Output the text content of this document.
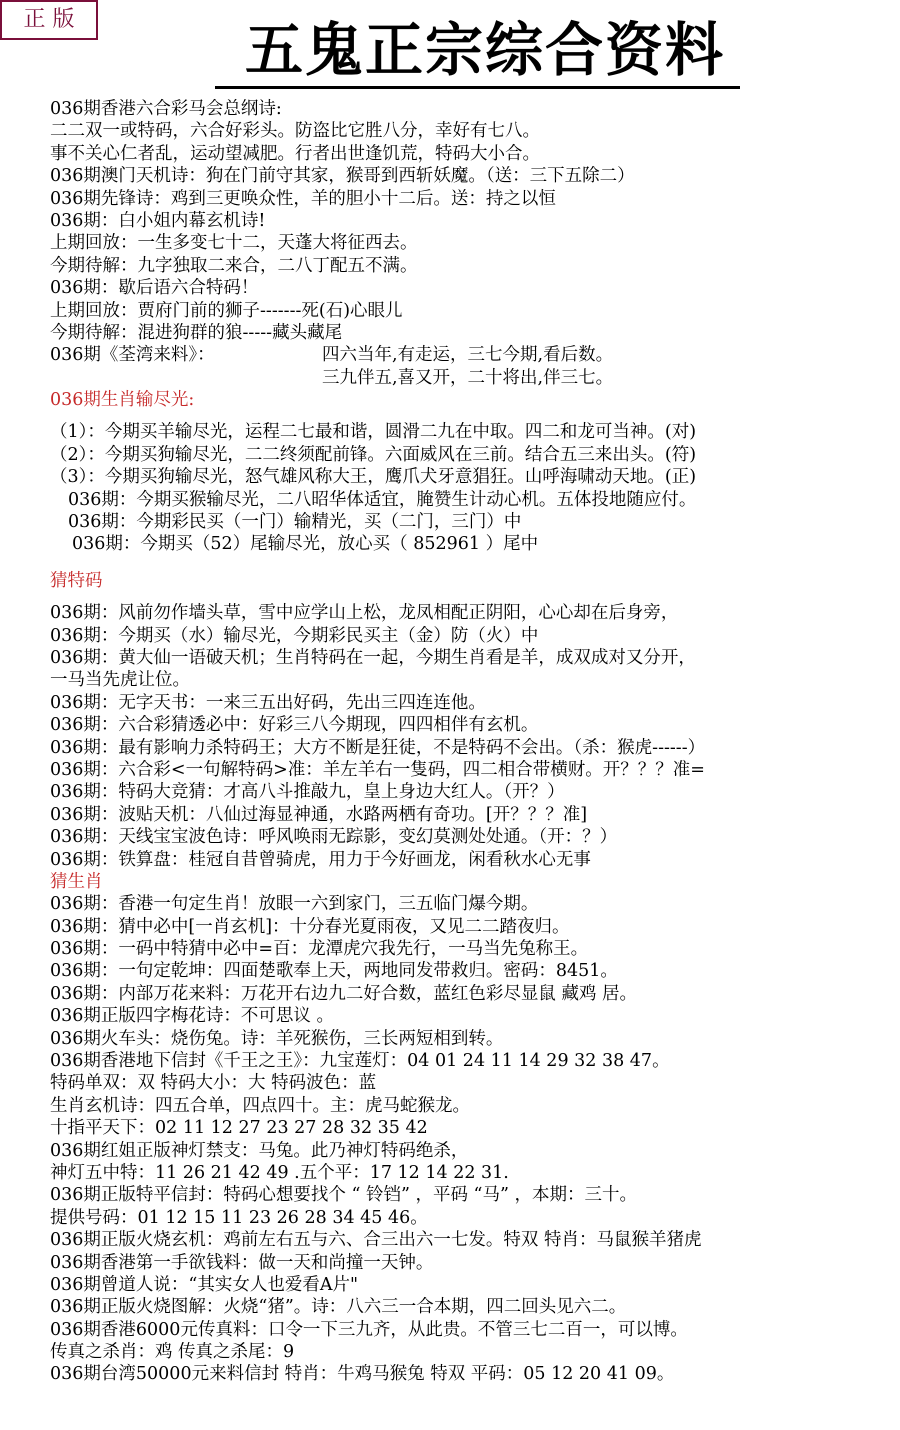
正 版	五鬼正宗综合资料
036期香港六合彩马会总纲诗:
二二双一或特码，六合好彩头。防盗比它胜八分，幸好有七八。
事不关心仁者乱，运动望减肥。行者出世逢饥荒，特码大小合。
036期澳门天机诗：狗在门前守其家，猴哥到西斩妖魔。（送：三下五除二）
036期先锋诗：鸡到三更唤众性，羊的胆小十二后。送：持之以恒
036期：白小姐内幕玄机诗!
上期回放：一生多变七十二，天蓬大将征西去。
今期待解：九字独取二来合，二八丁配五不满。
036期：歇后语六合特码！
上期回放：贾府门前的狮子-------死(石)心眼儿
今期待解：混进狗群的狼-----藏头藏尾
036期《荃湾来料》：	四六当年,有走运，三七今期,看后数。
三九伴五,喜又开，二十将出,伴三七。
036期生肖输尽光:
（1）：今期买羊输尽光，运程二七最和谐，圆滑二九在中取。四二和龙可当神。(对)
（2）：今期买狗输尽光，二二终须配前锋。六面威风在三前。结合五三来出头。(符)
（3）：今期买狗输尽光，怒气雄风称大王，鹰爪犬牙意猖狂。山呼海啸动天地。(正)
036期：今期买猴输尽光，二八昭华体适宜，腌赞生计动心机。五体投地随应付。
036期：今期彩民买（一门）输精光，买（二门，三门）中
036期：今期买（52）尾输尽光，放心买（ 852961 ）尾中
猜特码
036期：风前勿作墙头草，雪中应学山上松，龙凤相配正阴阳，心心却在后身旁，
036期：今期买（水）输尽光，今期彩民买主（金）防（火）中
036期：黄大仙一语破天机；生肖特码在一起，今期生肖看是羊，成双成对又分开，
一马当先虎让位。
036期：无字天书：一来三五出好码，先出三四连连他。
036期：六合彩猜透必中：好彩三八今期现，四四相伴有玄机。
036期：最有影响力杀特码王；大方不断是狂徒，不是特码不会出。（杀：猴虎------）
036期：六合彩<一句解特码>准：羊左羊右一隻码，四二相合带横财。开？？？准=
036期：特码大竞猜：才高八斗推敲九，皇上身边大红人。（开？）
036期：波贴天机：八仙过海显神通，水路两栖有奇功。[开？？？准]
036期：天线宝宝波色诗：呼风唤雨无踪影，变幻莫测处处通。（开：？）
036期：铁算盘：桂冠自昔曾骑虎，用力于今好画龙，闲看秋水心无事
猜生肖
036期：香港一句定生肖！放眼一六到家门，三五临门爆今期。
036期：猜中必中[一肖玄机]：十分春光夏雨夜，又见二二踏夜归。
036期：一码中特猜中必中=百：龙潭虎穴我先行，一马当先兔称王。
036期：一句定乾坤：四面楚歌奉上天，两地同发带救归。密码：8451。
036期：内部万花来料：万花开右边九二好合数，蓝红色彩尽显鼠 藏鸡 居。
036期正版四字梅花诗：不可思议 。
036期火车头：烧伤兔。诗：羊死猴伤，三长两短相到转。
036期香港地下信封《千王之王》：九宝莲灯：04 01 24 11 14 29 32 38 47。
特码单双：双 特码大小：大 特码波色：蓝
生肖玄机诗：四五合单，四点四十。主：虎马蛇猴龙。
十指平天下：02 11 12 27 23 27 28 32 35 42
036期红姐正版神灯禁支：马兔。此乃神灯特码绝杀，
神灯五中特：11 26 21 42 49 .五个平：17 12 14 22 31.
036期正版特平信封：特码心想要找个 “ 铃铛” ，平码 “马” ，本期：三十。
提供号码：01 12 15 11 23 26 28 34 45 46。
036期正版火烧玄机：鸡前左右五与六、合三出六一七发。特双 特肖：马鼠猴羊猪虎
036期香港第一手欲钱料：做一天和尚撞一天钟。
036期曾道人说：“其实女人也爱看A片"
036期正版火烧图解：火烧“猪”。诗：八六三一合本期，四二回头见六二。
036期香港6000元传真料：口令一下三九齐，从此贵。不管三七二百一，可以博。
传真之杀肖：鸡 传真之杀尾：9
036期台湾50000元来料信封 特肖：牛鸡马猴兔 特双 平码：05 12 20 41 09。
